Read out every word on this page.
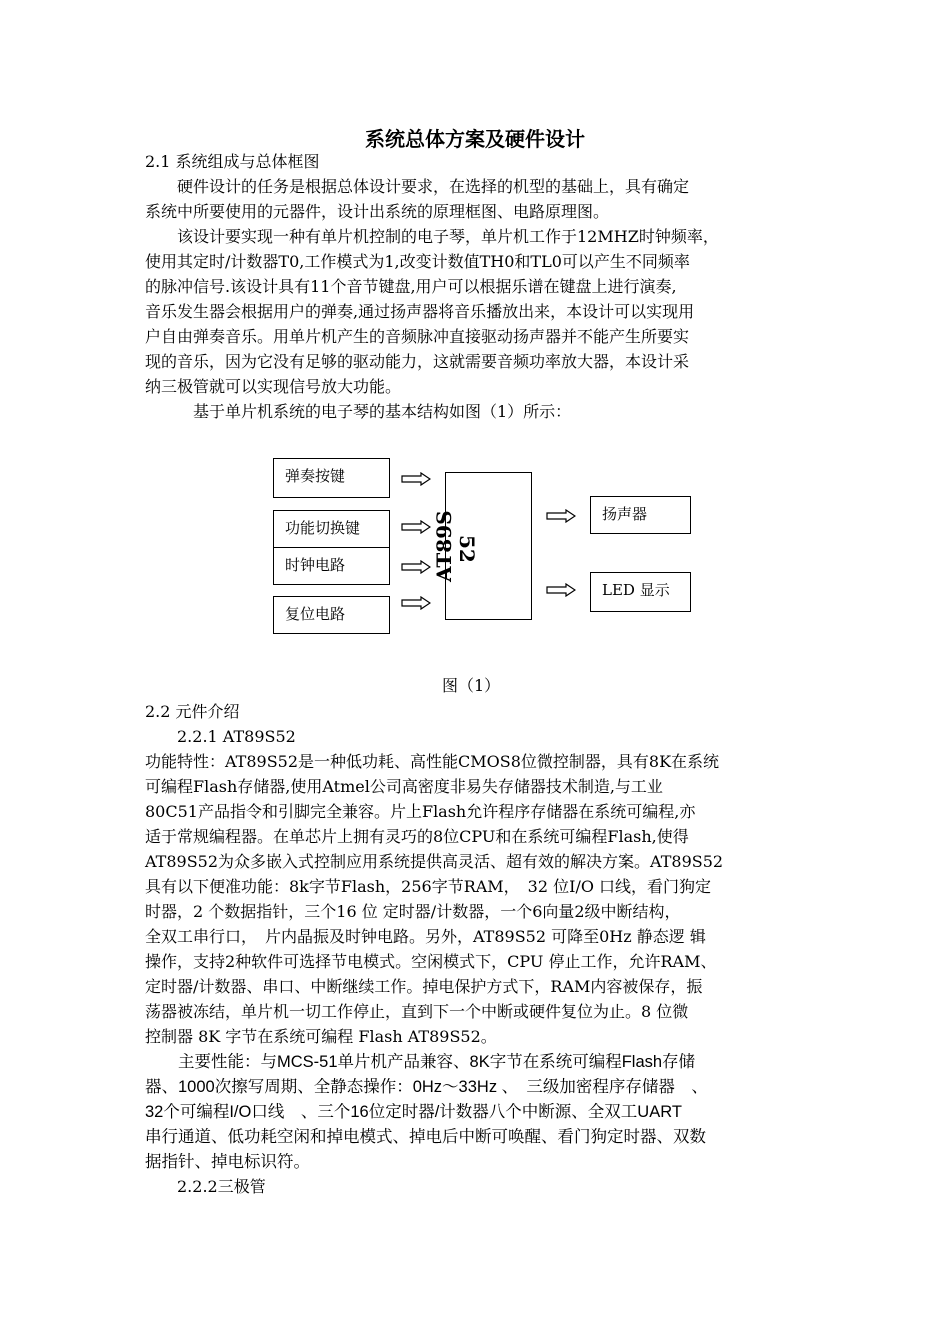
系统总体方案及硬件设计
2.1 系统组成与总体框图
　　硬件设计的任务是根据总体设计要求，在选择的机型的基础上，具有确定
系统中所要使用的元器件，设计出系统的原理框图、电路原理图。
　　该设计要实现一种有单片机控制的电子琴，单片机工作于12MHZ时钟频率，
使用其定时/计数器T0,工作模式为1,改变计数值TH0和TL0可以产生不同频率
的脉冲信号.该设计具有11个音节键盘,用户可以根据乐谱在键盘上进行演奏,
音乐发生器会根据用户的弹奏,通过扬声器将音乐播放出来，本设计可以实现用
户自由弹奏音乐。用单片机产生的音频脉冲直接驱动扬声器并不能产生所要实
现的音乐，因为它没有足够的驱动能力，这就需要音频功率放大器，本设计采
纳三极管就可以实现信号放大功能。
　　　基于单片机系统的电子琴的基本结构如图（1）所示：
弹奏按键
功能切换键
时钟电路
复位电路
AT89S 52
扬声器
LED 显示
图（1）
2.2 元件介绍
　　2.2.1 AT89S52
功能特性：AT89S52是一种低功耗、高性能CMOS8位微控制器，具有8K在系统
可编程Flash存储器,使用Atmel公司高密度非易失存储器技术制造,与工业
80C51产品指令和引脚完全兼容。片上Flash允许程序存储器在系统可编程,亦
适于常规编程器。在单芯片上拥有灵巧的8位CPU和在系统可编程Flash,使得
AT89S52为众多嵌入式控制应用系统提供高灵活、超有效的解决方案。AT89S52
具有以下便准功能：8k字节Flash，256字节RAM，　32 位I/O 口线，看门狗定
时器，2 个数据指针，三个16 位 定时器/计数器，一个6向量2级中断结构，
全双工串行口，　片内晶振及时钟电路。另外，AT89S52 可降至0Hz 静态逻 辑
操作，支持2种软件可选择节电模式。空闲模式下，CPU 停止工作，允许RAM、
定时器/计数器、串口、中断继续工作。掉电保护方式下，RAM内容被保存，振
荡器被冻结，单片机一切工作停止，直到下一个中断或硬件复位为止。8 位微
控制器 8K 字节在系统可编程 Flash AT89S52。
　　主要性能：与MCS-51单片机产品兼容、8K字节在系统可编程Flash存储
器、1000次擦写周期、全静态操作：0Hz～33Hz 、　三级加密程序存储器　、
32个可编程I/O口线　、三个16位定时器/计数器八个中断源、全双工UART
串行通道、低功耗空闲和掉电模式、掉电后中断可唤醒、看门狗定时器、双数
据指针、掉电标识符。
　　2.2.2三极管
